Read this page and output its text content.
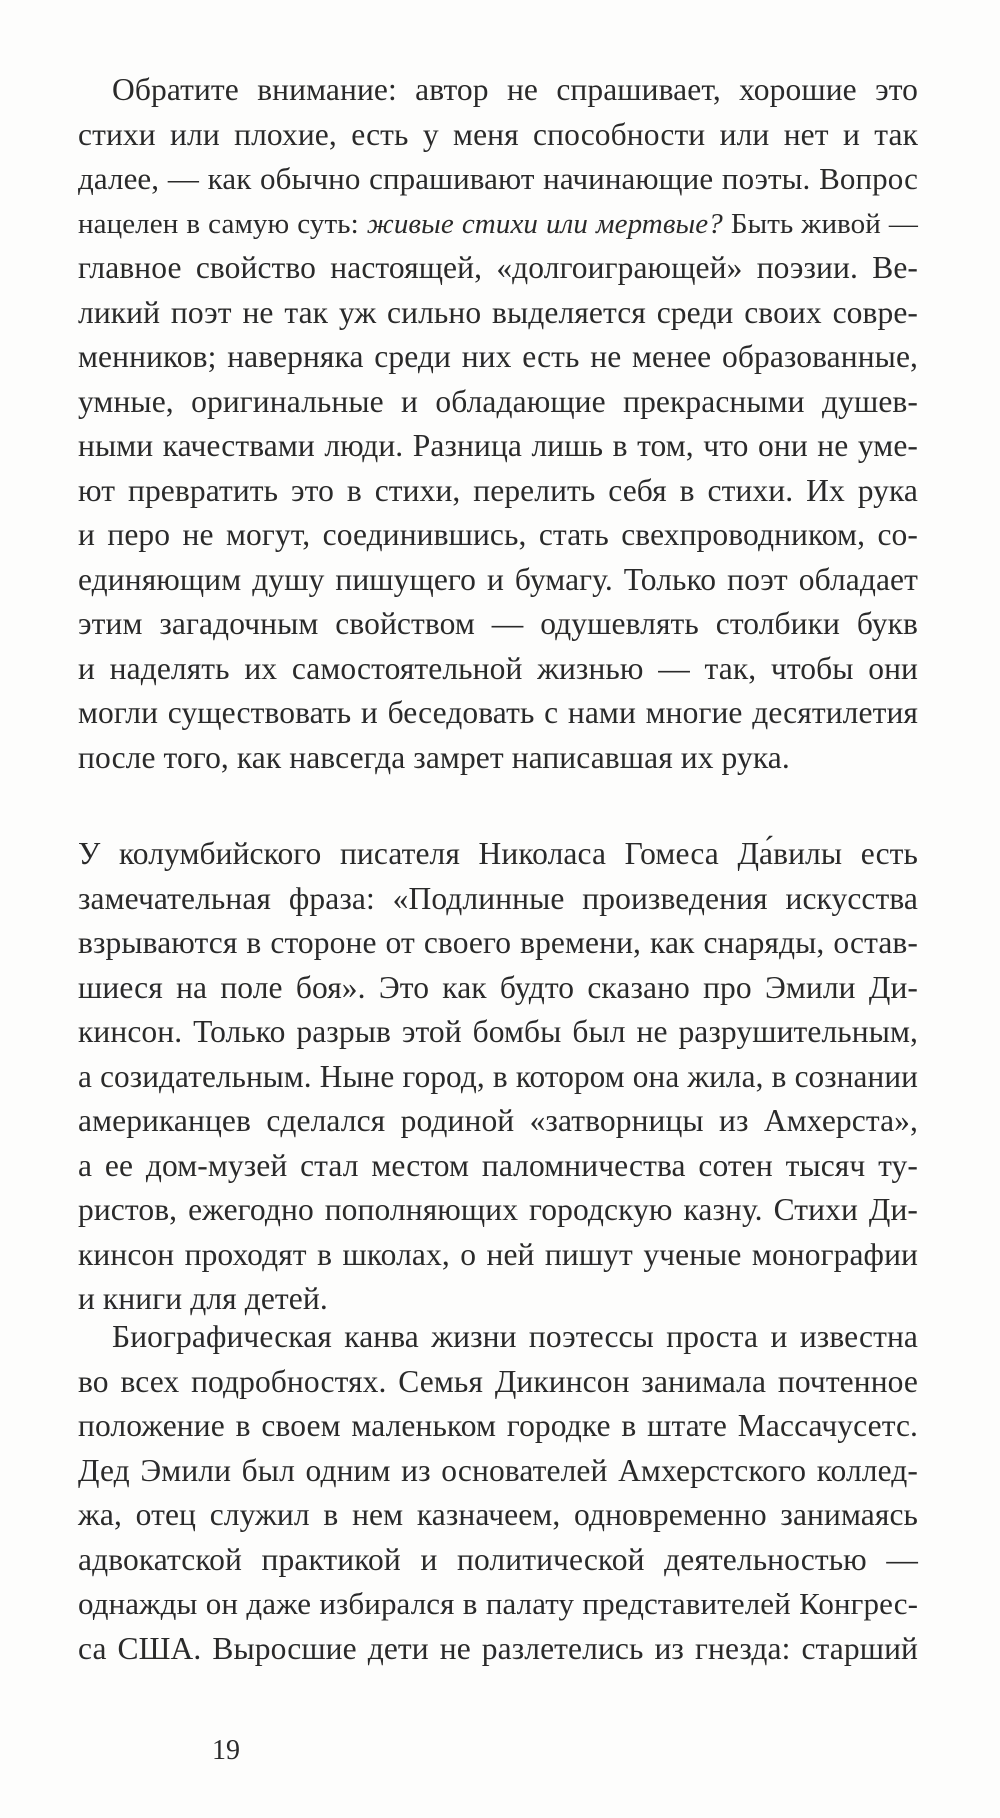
Обратите внимание: автор не спрашивает, хорошие это
стихи или плохие, есть у меня способности или нет и так
далее, — как обычно спрашивают начинающие поэты. Вопрос
нацелен в самую суть: живые стихи или мертвые? Быть живой —
главное свойство настоящей, «долгоиграющей» поэзии. Ве-
ликий поэт не так уж сильно выделяется среди своих совре-
менников; наверняка среди них есть не менее образованные,
умные, оригинальные и обладающие прекрасными душев-
ными качествами люди. Разница лишь в том, что они не уме-
ют превратить это в стихи, перелить себя в стихи. Их рука
и перо не могут, соединившись, стать свехпроводником, со-
единяющим душу пишущего и бумагу. Только поэт обладает
этим загадочным свойством — одушевлять столбики букв
и наделять их самостоятельной жизнью — так, чтобы они
могли существовать и беседовать с нами многие десятилетия
после того, как навсегда замрет написавшая их рука.
У колумбийского писателя Николаса Гомеса Да́вилы есть
замечательная фраза: «Подлинные произведения искусства
взрываются в стороне от своего времени, как снаряды, остав-
шиеся на поле боя». Это как будто сказано про Эмили Ди-
кинсон. Только разрыв этой бомбы был не разрушительным,
а созидательным. Ныне город, в котором она жила, в сознании
американцев сделался родиной «затворницы из Амхерста»,
а ее дом-музей стал местом паломничества сотен тысяч ту-
ристов, ежегодно пополняющих городскую казну. Стихи Ди-
кинсон проходят в школах, о ней пишут ученые монографии
и книги для детей.
Биографическая канва жизни поэтессы проста и известна
во всех подробностях. Семья Дикинсон занимала почтенное
положение в своем маленьком городке в штате Массачусетс.
Дед Эмили был одним из основателей Амхерстского коллед-
жа, отец служил в нем казначеем, одновременно занимаясь
адвокатской практикой и политической деятельностью —
однажды он даже избирался в палату представителей Конгрес-
са США. Выросшие дети не разлетелись из гнезда: старший
19
